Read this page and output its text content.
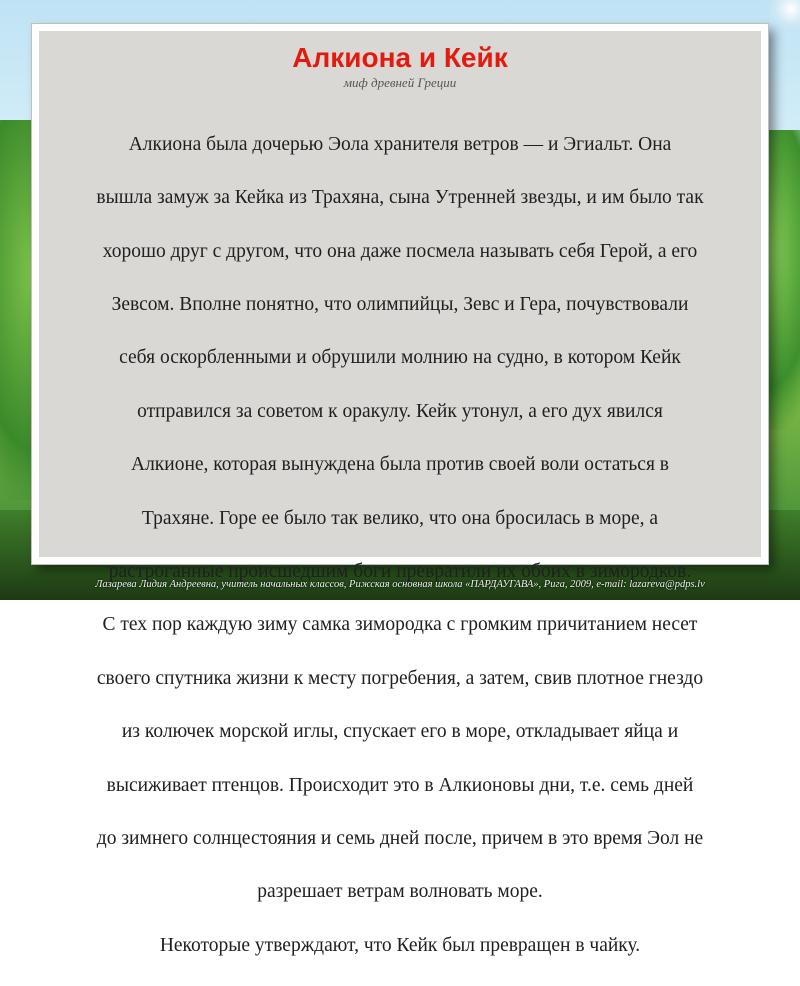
Алкиона и Кейк
миф древней Греции

Алкиона была дочерью Эола хранителя ветров — и Эгиальт. Она

вышла замуж за Кейка из Трахяна, сына Утренней звезды, и им было так

хорошо друг с другом, что она даже посмела называть себя Герой, а его

Зевсом. Вполне понятно, что олимпийцы, Зевс и Гера, почувствовали

себя оскорбленными и обрушили молнию на судно, в котором Кейк

отправился за советом к оракулу. Кейк утонул, а его дух явился

Алкионе, которая вынуждена была против своей воли остаться в

Трахяне. Горе ее было так велико, что она бросилась в море, а

растроганные происшедшим боги превратили их обоих в зимородков.

С тех пор каждую зиму самка зимородка с громким причитанием несет

своего спутника жизни к месту погребения, а затем, свив плотное гнездо

из колючек морской иглы, спускает его в море, откладывает яйца и

высиживает птенцов. Происходит это в Алкионовы дни, т.е. семь дней

до зимнего солнцестояния и семь дней после, причем в это время Эол не

разрешает ветрам волновать море.

Некоторые утверждают, что Кейк был превращен в чайку.

Лазарева Лидия Андреевна, учитель начальных классов, Рижская основная школа «ПАРДАУГАВА», Рига, 2009, e-mail: lazareva@pdps.lv
